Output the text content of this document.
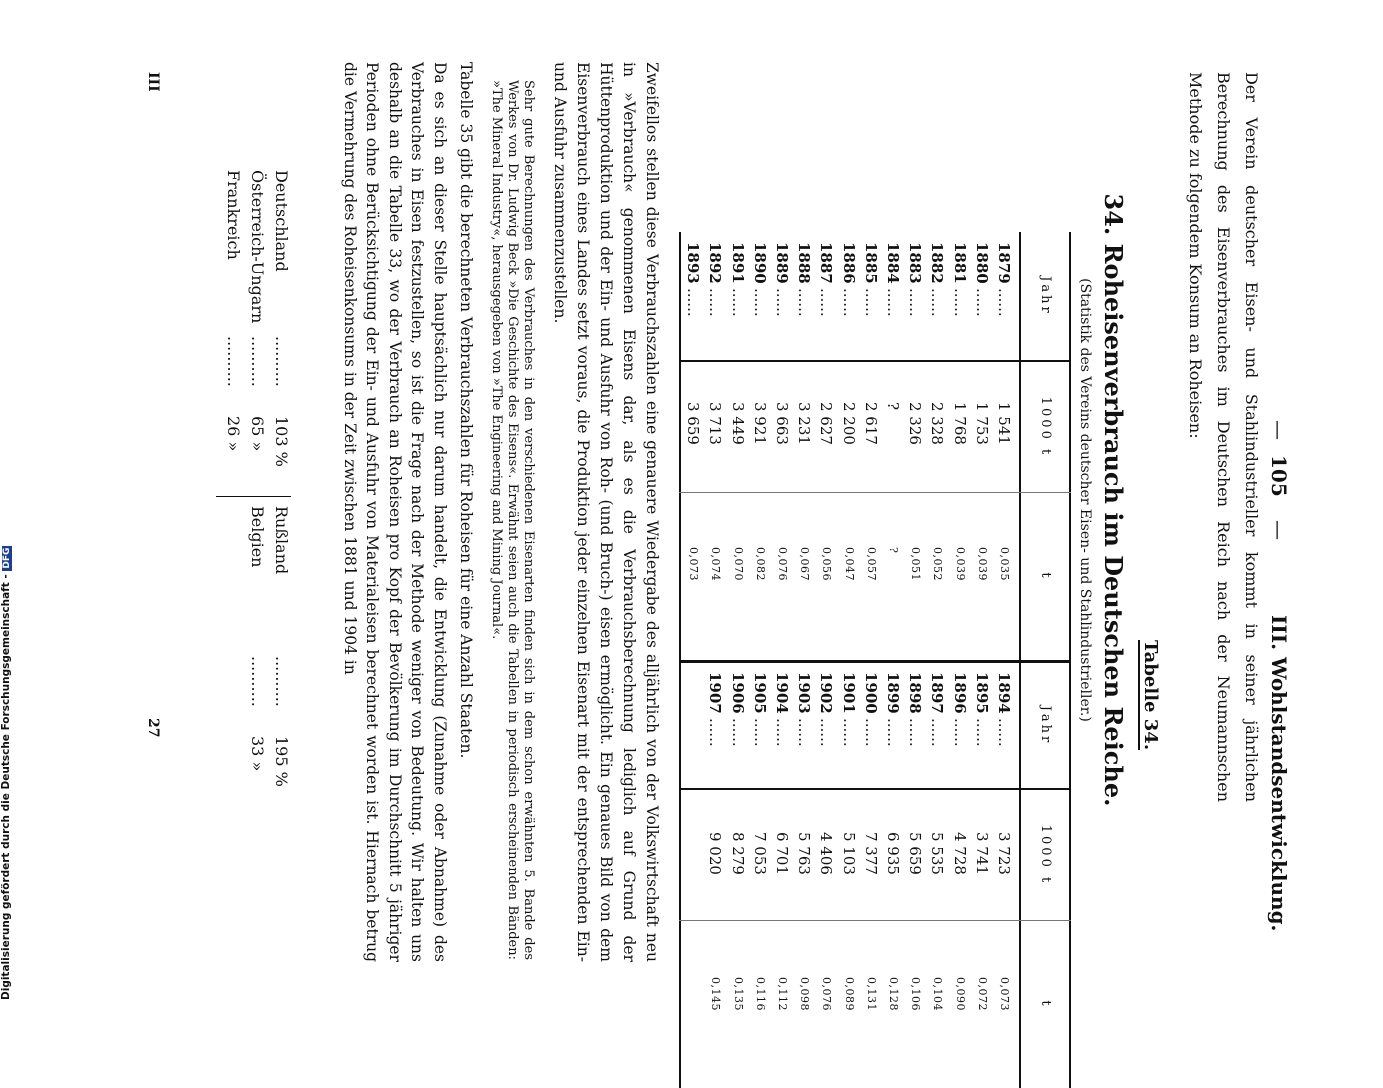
—
105
—
III. Wohlstandsentwicklung.
Der Verein deutscher Eisen- und Stahlindustrieller kommt in seiner jährlichen Berechnung des Eisenverbrauches im Deutschen Reich nach der Neumannschen Methode zu folgendem Konsum an Roheisen:
Tabelle 34.
34. Roheisenverbrauch im Deutschen Reiche.
(Statistik des Vereins deutscher Eisen- und Stahlindustrieller.)
Jahr
1000 t
t
Jahr
1000 t
t
1879
......
1 541
0,035
1880
......
1 753
0,039
1881
......
1 768
0,039
1882
......
2 328
0,052
1883
......
2 326
0,051
1884
......
?
?
1885
......
2 617
0,057
1886
......
2 200
0,047
1887
......
2 627
0,056
1888
......
3 231
0,067
1889
......
3 663
0,076
1890
......
3 921
0,082
1891
......
3 449
0,070
1892
......
3 713
0,074
1893
......
3 659
0,073
1894
......
3 723
0,073
1895
......
3 741
0,072
1896
......
4 728
0,090
1897
......
5 535
0,104
1898
......
5 659
0,106
1899
......
6 935
0,128
1900
......
7 377
0,131
1901
......
5 103
0,089
1902
......
4 406
0,076
1903
......
5 763
0,098
1904
......
6 701
0,112
1905
......
7 053
0,116
1906
......
8 279
0,135
1907
......
9 020
0,145
Zweifellos stellen diese Verbrauchszahlen eine genauere Wiedergabe des alljährlich von der Volkswirtschaft neu in »Verbrauch« genommenen Eisens dar, als es die Verbrauchsberechnung lediglich auf Grund der Hüttenproduktion und der Ein- und Ausfuhr von Roh- (und Bruch-) eisen ermöglicht. Ein genaues Bild von dem Eisenverbrauch eines Landes setzt voraus, die Produktion jeder einzelnen Eisenart mit der entsprechenden Ein- und Ausfuhr zusammenzustellen.
Sehr gute Berechnungen des Verbrauches in den verschiedenen Eisenarten finden sich in dem schon erwähnten 5. Bande des Werkes von Dr. Ludwig Beck »Die Geschichte des Eisens«. Erwähnt seien auch die Tabellen in periodisch erscheinenden Bänden: »The Mineral Industry«, herausgegeben von »The Engineering and Mining Journal«.
Tabelle 35 gibt die berechneten Verbrauchszahlen für Roheisen für eine Anzahl Staaten.
Da es sich an dieser Stelle hauptsächlich nur darum handelt, die Entwicklung (Zunahme oder Abnahme) des Verbrauches in Eisen festzustellen, so ist die Frage nach der Methode weniger von Bedeutung. Wir halten uns deshalb an die Tabelle 33, wo der Verbrauch an Roheisen pro Kopf der Bevölkerung im Durchschnitt 5 jähriger Perioden ohne Berücksichtigung der Ein- und Ausfuhr von Materialeisen berechnet worden ist. Hiernach betrug die Vermehrung des Roheisenkonsums in der Zeit zwischen 1881 und 1904 in
Deutschland
..........
103 %
Österreich-Ungarn
..........
65 »
Frankreich
..........
26 »
Rußland
..........
195 %
Belgien
..........
33 »
III
27
Digitalisierung gefördert durch die Deutsche Forschungsgemeinschaft - DFG
